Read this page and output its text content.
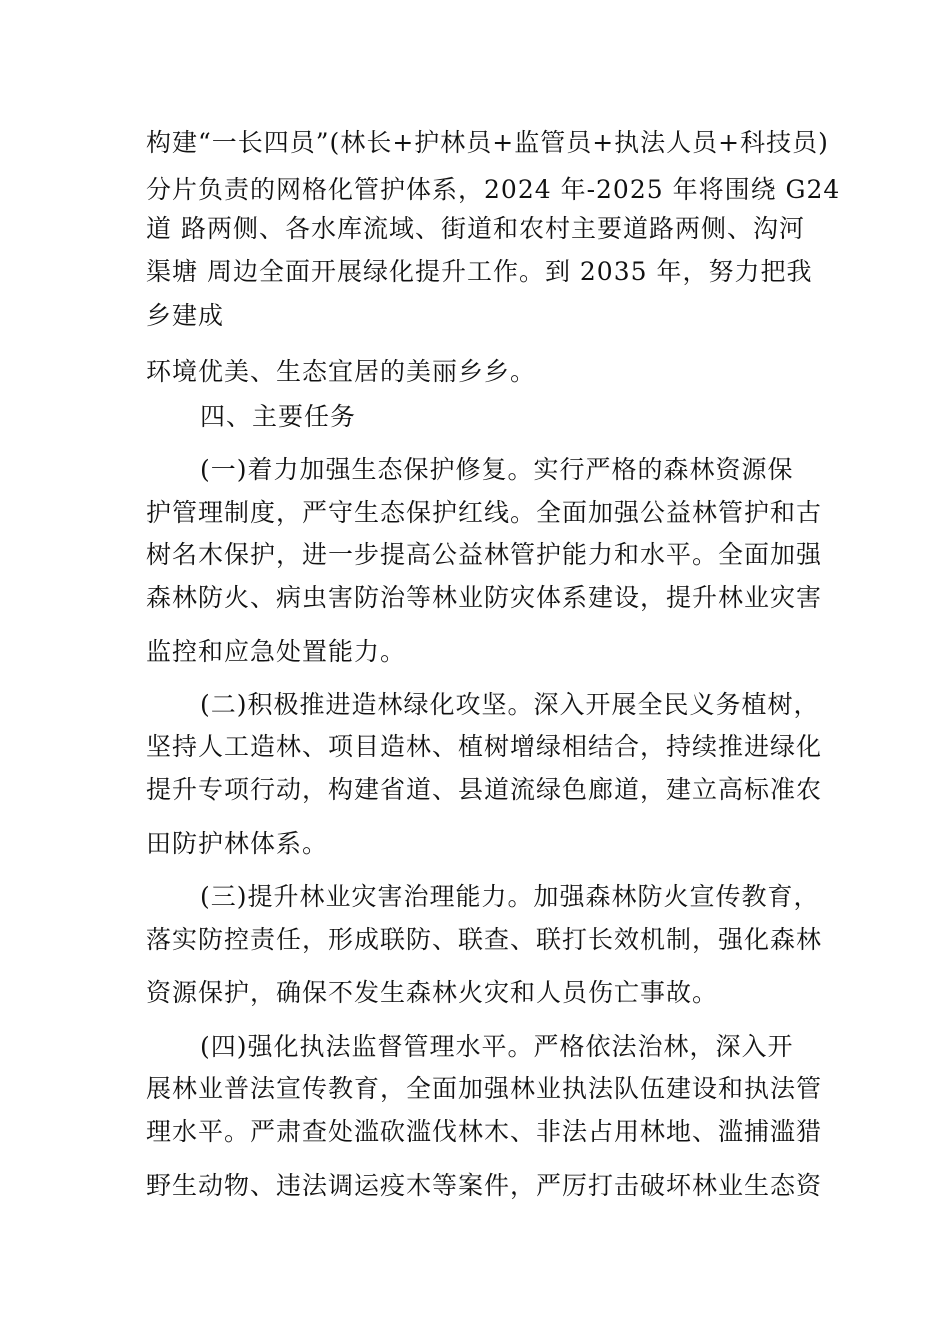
构建“一长四员”(林长+护林员+监管员+执法人员+科技员)
分片负责的网格化管护体系，2024 年-2025 年将围绕 G24
道 路两侧、各水库流域、街道和农村主要道路两侧、沟河
渠塘 周边全面开展绿化提升工作。到 2035 年，努力把我
乡建成
环境优美、生态宜居的美丽乡乡。
四、主要任务
(一)着力加强生态保护修复。实行严格的森林资源保
护管理制度，严守生态保护红线。全面加强公益林管护和古
树名木保护，进一步提高公益林管护能力和水平。全面加强
森林防火、病虫害防治等林业防灾体系建设，提升林业灾害
监控和应急处置能力。
(二)积极推进造林绿化攻坚。深入开展全民义务植树，
坚持人工造林、项目造林、植树增绿相结合，持续推进绿化
提升专项行动，构建省道、县道流绿色廊道，建立高标准农
田防护林体系。
(三)提升林业灾害治理能力。加强森林防火宣传教育，
落实防控责任，形成联防、联查、联打长效机制，强化森林
资源保护，确保不发生森林火灾和人员伤亡事故。
(四)强化执法监督管理水平。严格依法治林，深入开
展林业普法宣传教育，全面加强林业执法队伍建设和执法管
理水平。严肃查处滥砍滥伐林木、非法占用林地、滥捕滥猎
野生动物、违法调运疫木等案件，严厉打击破坏林业生态资
